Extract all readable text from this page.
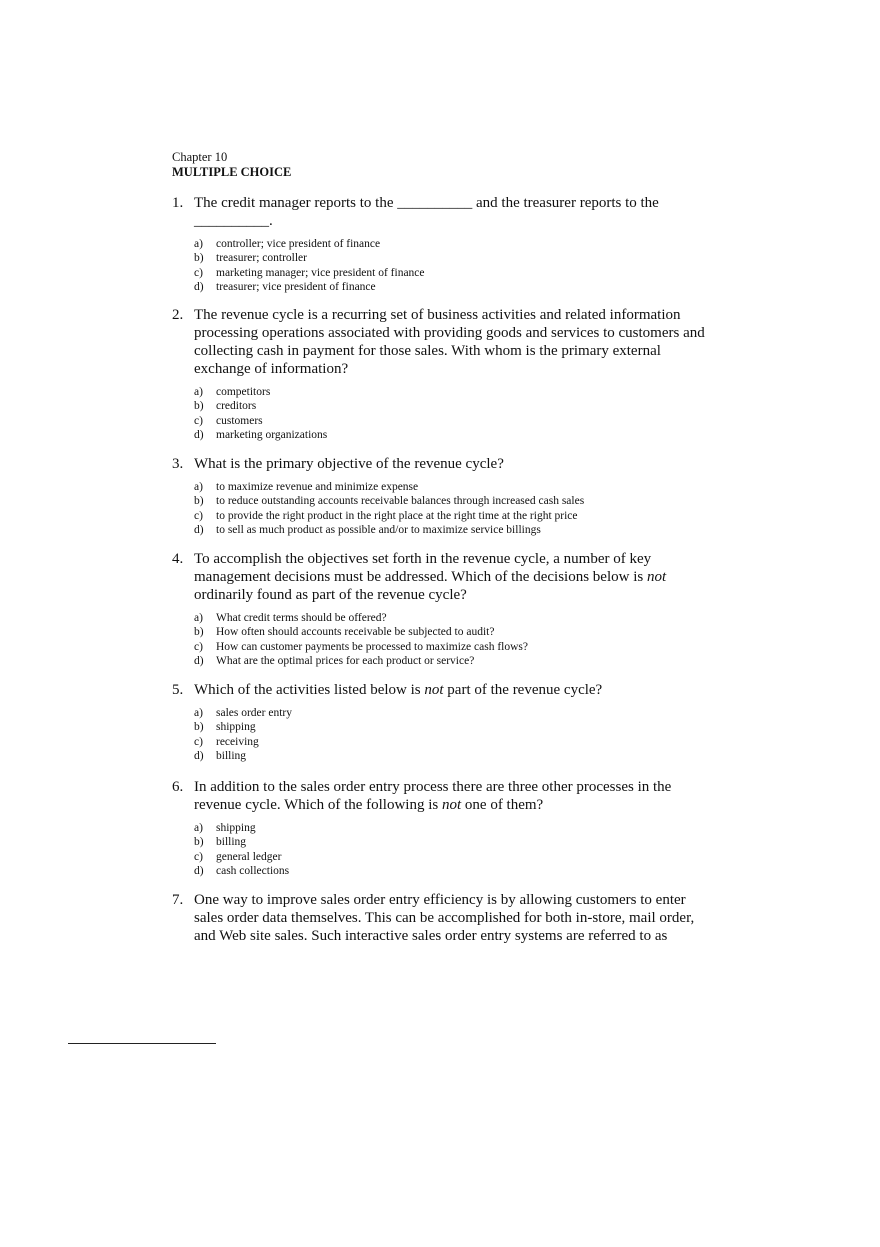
Chapter 10
MULTIPLE CHOICE
1. The credit manager reports to the __________ and the treasurer reports to the __________.
a) controller; vice president of finance
b) treasurer; controller
c) marketing manager; vice president of finance
d) treasurer; vice president of finance
2. The revenue cycle is a recurring set of business activities and related information processing operations associated with providing goods and services to customers and collecting cash in payment for those sales. With whom is the primary external exchange of information?
a) competitors
b) creditors
c) customers
d) marketing organizations
3. What is the primary objective of the revenue cycle?
a) to maximize revenue and minimize expense
b) to reduce outstanding accounts receivable balances through increased cash sales
c) to provide the right product in the right place at the right time at the right price
d) to sell as much product as possible and/or to maximize service billings
4. To accomplish the objectives set forth in the revenue cycle, a number of key management decisions must be addressed. Which of the decisions below is not ordinarily found as part of the revenue cycle?
a) What credit terms should be offered?
b) How often should accounts receivable be subjected to audit?
c) How can customer payments be processed to maximize cash flows?
d) What are the optimal prices for each product or service?
5. Which of the activities listed below is not part of the revenue cycle?
a) sales order entry
b) shipping
c) receiving
d) billing
6. In addition to the sales order entry process there are three other processes in the revenue cycle. Which of the following is not one of them?
a) shipping
b) billing
c) general ledger
d) cash collections
7. One way to improve sales order entry efficiency is by allowing customers to enter sales order data themselves. This can be accomplished for both in-store, mail order, and Web site sales. Such interactive sales order entry systems are referred to as
